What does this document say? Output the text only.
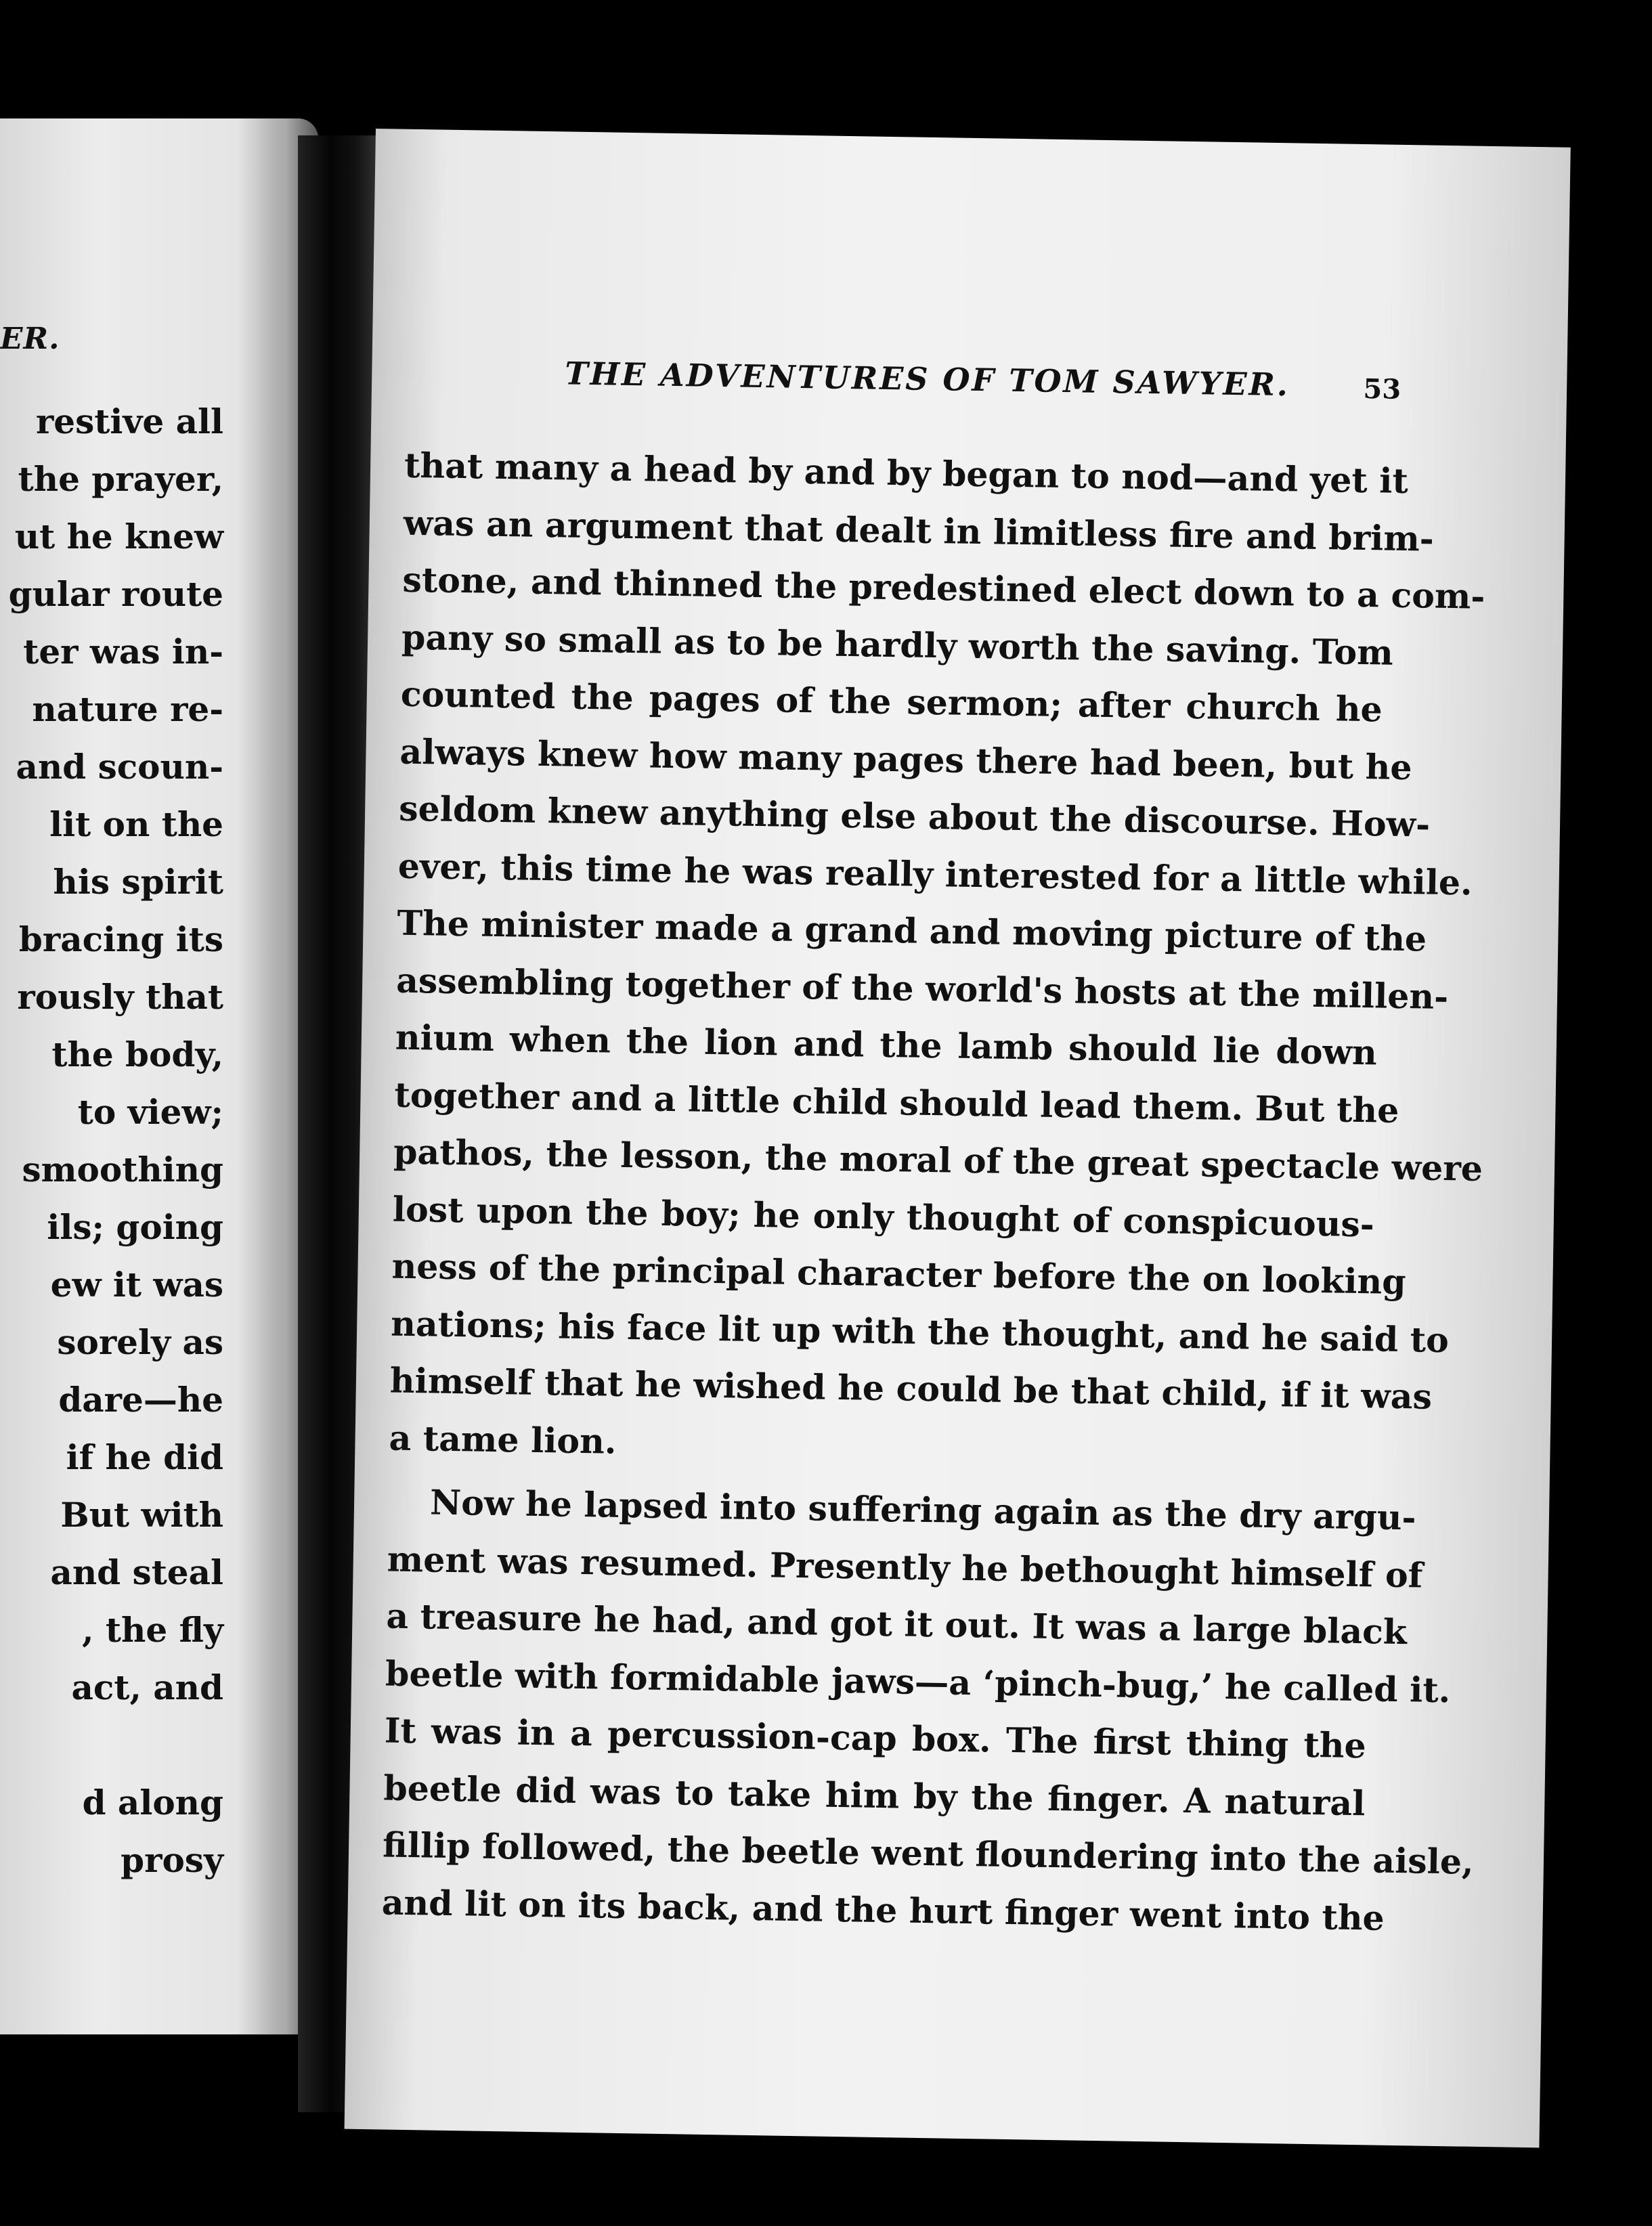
ER.
restive all
the prayer,
ut he knew
gular route
ter was in-
nature re-
and scoun-
lit on the
his spirit
bracing its
rously that
the body,
to view;
smoothing
ils; going
ew it was
sorely as
dare—he
if he did
But with
and steal
, the fly
act, and
d along
prosy
THE ADVENTURES OF TOM SAWYER.	53
that many a head by and by began to nod—and yet it
was an argument that dealt in limitless fire and brim-
stone, and thinned the predestined elect down to a com-
pany so small as to be hardly worth the saving. Tom
counted the pages of the sermon; after church he
always knew how many pages there had been, but he
seldom knew anything else about the discourse. How-
ever, this time he was really interested for a little while.
The minister made a grand and moving picture of the
assembling together of the world's hosts at the millen-
nium when the lion and the lamb should lie down
together and a little child should lead them. But the
pathos, the lesson, the moral of the great spectacle were
lost upon the boy; he only thought of conspicuous-
ness of the principal character before the on looking
nations; his face lit up with the thought, and he said to
himself that he wished he could be that child, if it was
a tame lion.
Now he lapsed into suffering again as the dry argu-
ment was resumed. Presently he bethought himself of
a treasure he had, and got it out. It was a large black
beetle with formidable jaws—a ‘pinch-bug,’ he called it.
It was in a percussion-cap box. The first thing the
beetle did was to take him by the finger. A natural
fillip followed, the beetle went floundering into the aisle,
and lit on its back, and the hurt finger went into the
